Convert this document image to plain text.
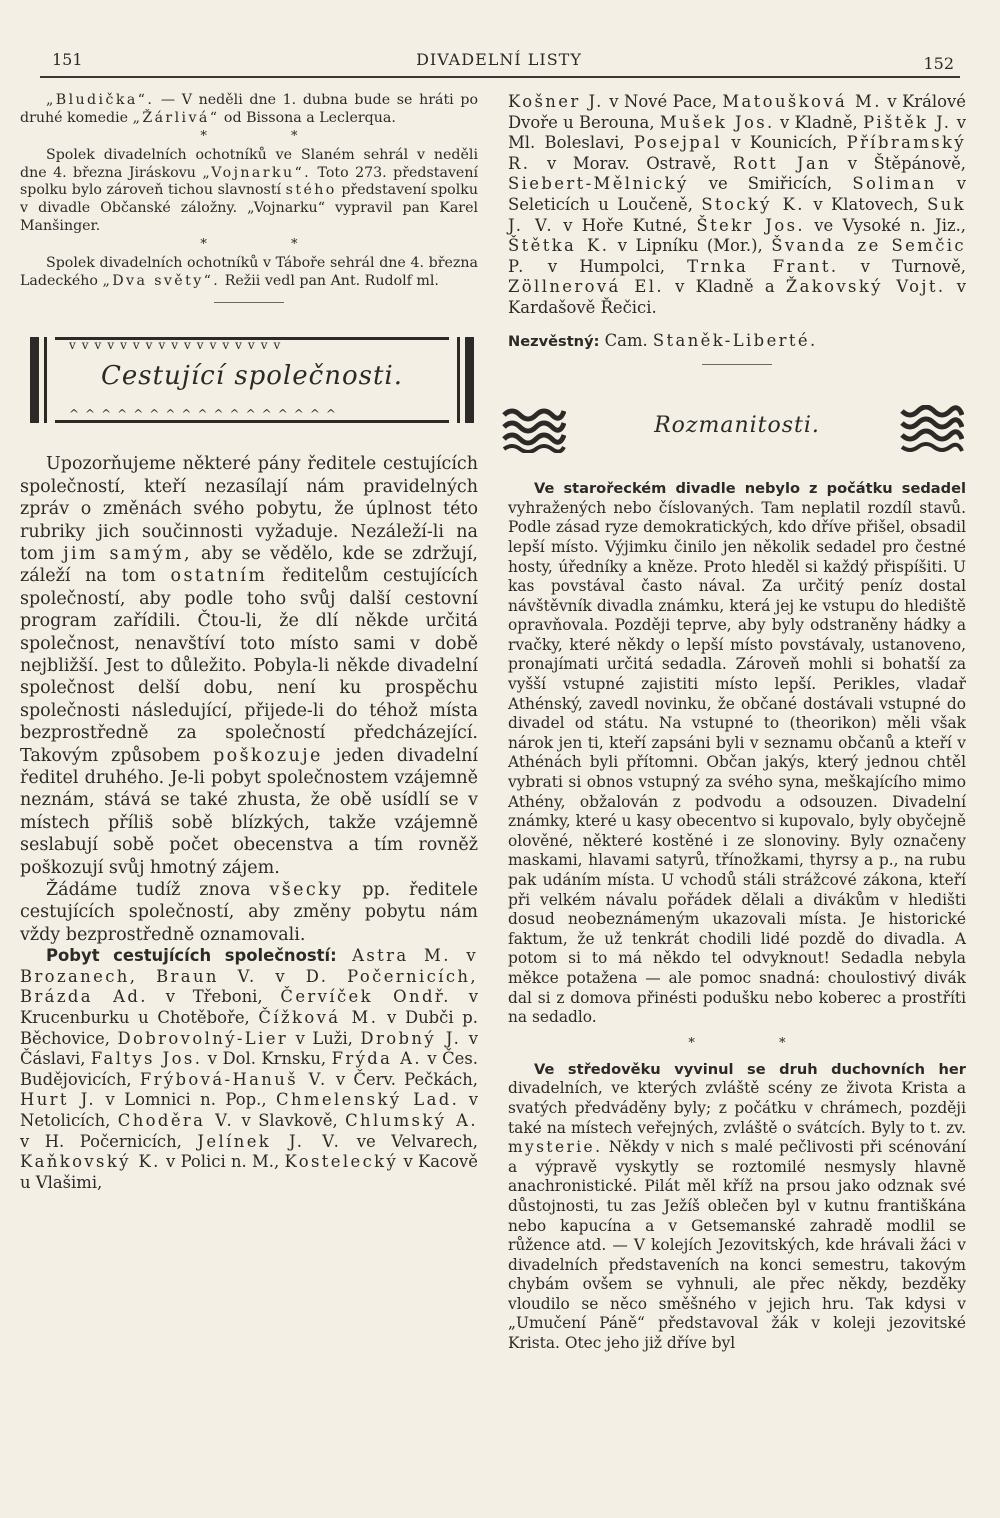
151	DIVADELNÍ LISTY	152

„Bludička“. — V neděli dne 1. dubna bude se hráti po druhé komedie „Žárlivá“ od Bissona a Leclerqua.

* *

Spolek divadelních ochotníků ve Slaném sehrál v neděli dne 4. března Jiráskovu „Vojnarku“. Toto 273. představení spolku bylo zároveň tichou slavností stého představení spolku v divadle Občanské záložny. „Vojnarku“ vypravil pan Karel Manšinger.

* *

Spolek divadelních ochotníků v Táboře sehrál dne 4. března Ladeckého „Dva světy“. Režii vedl pan Ant. Rudolf ml.

vvvvvvvvvvvvvvvvv
Cestující společnosti.
^^^^^^^^^^^^^^^^^

Upozorňujeme některé pány ředitele cestujících společností, kteří nezasílají nám pravidelných zpráv o změnách svého pobytu, že úplnost této rubriky jich součinnosti vyžaduje. Nezáleží-li na tom jim samým, aby se vědělo, kde se zdržují, záleží na tom ostatním ředitelům cestujících společností, aby podle toho svůj další cestovní program zařídili. Čtou-li, že dlí někde určitá společnost, nenavštíví toto místo sami v době nejbližší. Jest to důležito. Pobyla-li někde divadelní společnost delší dobu, není ku prospěchu společnosti následující, přijede-li do téhož místa bezprostředně za společností předcházející. Takovým způsobem poškozuje jeden divadelní ředitel druhého. Je-li pobyt společnostem vzájemně neznám, stává se také zhusta, že obě usídlí se v místech příliš sobě blízkých, takže vzájemně seslabují sobě počet obecenstva a tím rovněž poškozují svůj hmotný zájem.

Žádáme tudíž znova všecky pp. ředitele cestujících společností, aby změny pobytu nám vždy bezprostředně oznamovali.

Pobyt cestujících společností: Astra M. v Brozanech, Braun V. v D. Počernicích, Brázda Ad. v Třeboni, Červíček Ondř. v Krucenburku u Chotěboře, Čížková M. v Dubči p. Běchovice, Dobrovolný-Lier v Luži, Drobný J. v Čáslavi, Faltys Jos. v Dol. Krnsku, Frýda A. v Čes. Budějovicích, Frýbová-Hanuš V. v Červ. Pečkách, Hurt J. v Lomnici n. Pop., Chmelenský Lad. v Netolicích, Choděra V. v Slavkově, Chlumský A. v H. Počernicích, Jelínek J. V. ve Velvarech, Kaňkovský K. v Polici n. M., Kostelecký v Kacově u Vlašimi,

Košner J. v Nové Pace, Matoušková M. v Králové Dvoře u Berouna, Mušek Jos. v Kladně, Pištěk J. v Ml. Boleslavi, Posejpal v Kounicích, Příbramský R. v Morav. Ostravě, Rott Jan v Štěpánově, Siebert-Mělnický ve Smiřicích, Soliman v Seleticích u Loučeně, Stocký K. v Klatovech, Suk J. V. v Hoře Kutné, Štekr Jos. ve Vysoké n. Jiz., Štětka K. v Lipníku (Mor.), Švanda ze Semčic P. v Humpolci, Trnka Frant. v Turnově, Zöllnerová El. v Kladně a Žakovský Vojt. v Kardašově Řečici.

Nezvěstný: Cam. Staněk-Liberté.

Rozmanitosti.

Ve starořeckém divadle nebylo z počátku sedadel vyhražených nebo číslovaných. Tam neplatil rozdíl stavů. Podle zásad ryze demokratických, kdo dříve přišel, obsadil lepší místo. Výjimku činilo jen několik sedadel pro čestné hosty, úředníky a kněze. Proto hleděl si každý přispíšiti. U kas povstával často nával. Za určitý peníz dostal návštěvník divadla známku, která jej ke vstupu do hlediště opravňovala. Později teprve, aby byly odstraněny hádky a rvačky, které někdy o lepší místo povstávaly, ustanoveno, pronajímati určitá sedadla. Zároveň mohli si bohatší za vyšší vstupné zajistiti místo lepší. Perikles, vladař Athénský, zavedl novinku, že občané dostávali vstupné do divadel od státu. Na vstupné to (theorikon) měli však nárok jen ti, kteří zapsáni byli v seznamu občanů a kteří v Athénách byli přítomni. Občan jakýs, který jednou chtěl vybrati si obnos vstupný za svého syna, meškajícího mimo Athény, obžalován z podvodu a odsouzen. Divadelní známky, které u kasy obecentvo si kupovalo, byly obyčejně olověné, některé kostěné i ze slonoviny. Byly označeny maskami, hlavami satyrů, třínožkami, thyrsy a p., na rubu pak udáním místa. U vchodů stáli strážcové zákona, kteří při velkém návalu pořádek dělali a divákům v hledišti dosud neobeznámeným ukazovali místa. Je historické faktum, že už tenkrát chodili lidé pozdě do divadla. A potom si to má někdo tel odvyknout! Sedadla nebyla měkce potažena — ale pomoc snadná: choulostivý divák dal si z domova přinésti podušku nebo koberec a prostříti na sedadlo.

* *

Ve středověku vyvinul se druh duchovních her divadelních, ve kterých zvláště scény ze života Krista a svatých předváděny byly; z počátku v chrámech, později také na místech veřejných, zvláště o svátcích. Byly to t. zv. mysterie. Někdy v nich s malé pečlivosti při scénování a výpravě vyskytly se roztomilé nesmysly hlavně anachronistické. Pilát měl kříž na prsou jako odznak své důstojnosti, tu zas Ježíš oblečen byl v kutnu františkána nebo kapucína a v Getsemanské zahradě modlil se růžence atd. — V kolejích Jezovitských, kde hrávali žáci v divadelních představeních na konci semestru, takovým chybám ovšem se vyhnuli, ale přec někdy, bezděky vloudilo se něco směšného v jejich hru. Tak kdysi v „Umučení Páně“ představoval žák v koleji jezovitské Krista. Otec jeho již dříve byl
